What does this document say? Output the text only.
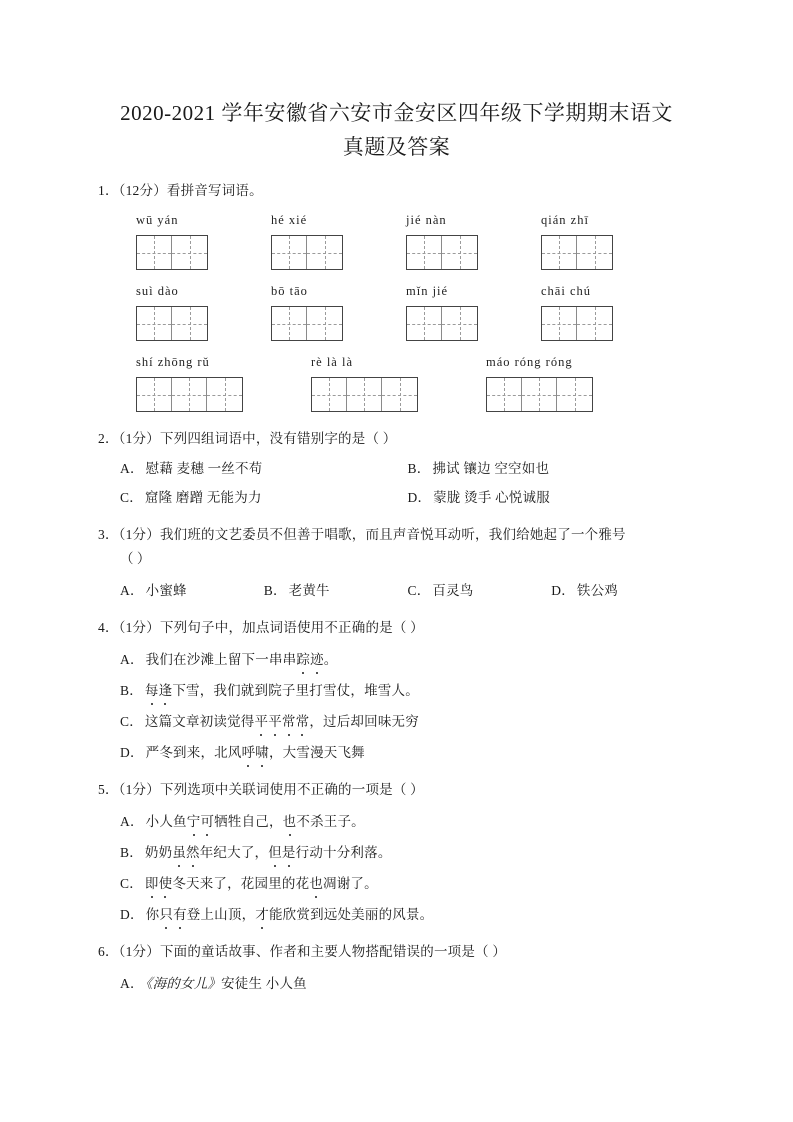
2020-2021 学年安徽省六安市金安区四年级下学期期末语文
真题及答案
1．（12分）看拼音写词语。
wū yán	hé xié	jié nàn	qián zhī
suì dào	bō tāo	mǐn jié	chāi chú
shí zhōng rǔ	rè là là	máo róng róng
2．（1分）下列四组词语中，没有错别字的是（ ）
A． 慰藉 麦穗 一丝不苟	B． 拂试 镶边 空空如也
C． 窟隆 磨蹭 无能为力	D． 蒙胧 烫手 心悦诚服
3．（1分）我们班的文艺委员不但善于唱歌，而且声音悦耳动听，我们给她起了一个雅号
（ ）
A． 小蜜蜂	B． 老黄牛	C． 百灵鸟	D． 铁公鸡
4．（1分）下列句子中，加点词语使用不正确的是（ ）
A． 我们在沙滩上留下一串串踪迹。
B． 每逢下雪，我们就到院子里打雪仗，堆雪人。
C． 这篇文章初读觉得平平常常，过后却回味无穷
D． 严冬到来，北风呼啸，大雪漫天飞舞
5．（1分）下列选项中关联词使用不正确的一项是（ ）
A． 小人鱼宁可牺牲自己，也不杀王子。
B． 奶奶虽然年纪大了，但是行动十分利落。
C． 即使冬天来了，花园里的花也凋谢了。
D． 你只有登上山顶，才能欣赏到远处美丽的风景。
6．（1分）下面的童话故事、作者和主要人物搭配错误的一项是（ ）
A． 《海的女儿》安徒生 小人鱼
